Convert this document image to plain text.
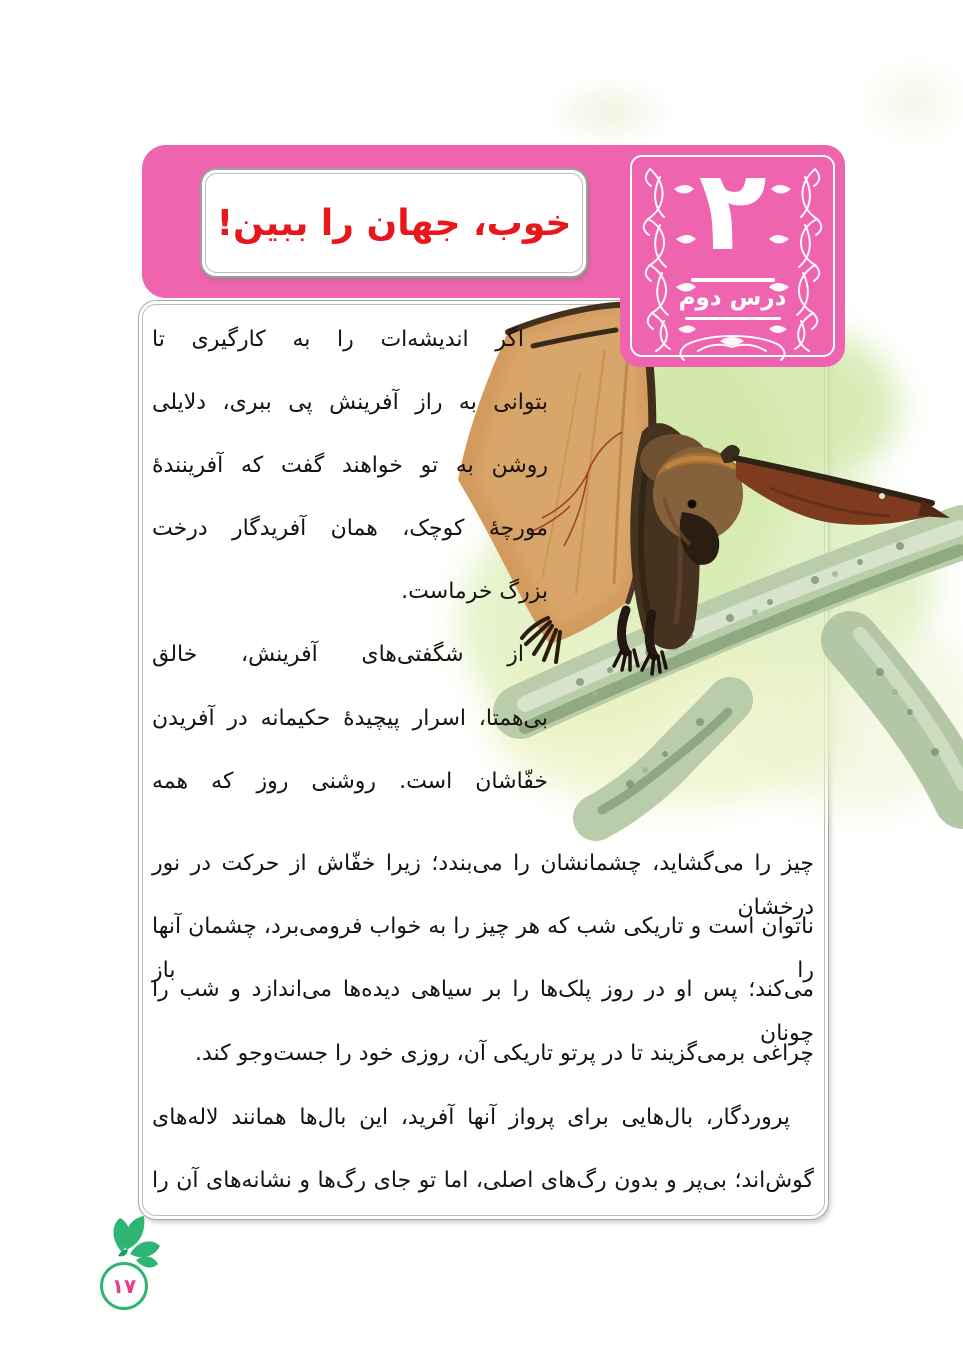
خوب، جهان را ببین!	۲
درس دوم
اگر اندیشه‌ات را به کارگیری تا
بتوانی به راز آفرینش پی ببری، دلایلی
روشن به تو خواهند گفت که آفرینندهٔ
مورچهٔ کوچک، همان آفریدگار درخت
بزرگ خرماست.
از شگفتی‌های آفرینش، خالق
بی‌همتا، اسرار پیچیدهٔ حکیمانه در آفریدن
خفّاشان است. روشنی روز که همه
چیز را می‌گشاید، چشمانشان را می‌بندد؛ زیرا خفّاش از حرکت در نور درخشان
ناتوان است و تاریکی شب که هر چیز را به خواب فرومی‌برد، چشمان آنها را باز
می‌کند؛ پس او در روز پلک‌ها را بر سیاهی دیده‌ها می‌اندازد و شب را چونان
چراغی برمی‌گزیند تا در پرتو تاریکی آن، روزی خود را جست‌وجو کند.
پروردگار، بال‌هایی برای پرواز آنها آفرید، این بال‌ها همانند لاله‌های
گوش‌اند؛ بی‌پر و بدون رگ‌های اصلی، اما تو جای رگ‌ها و نشانه‌های آن را
۱۷
